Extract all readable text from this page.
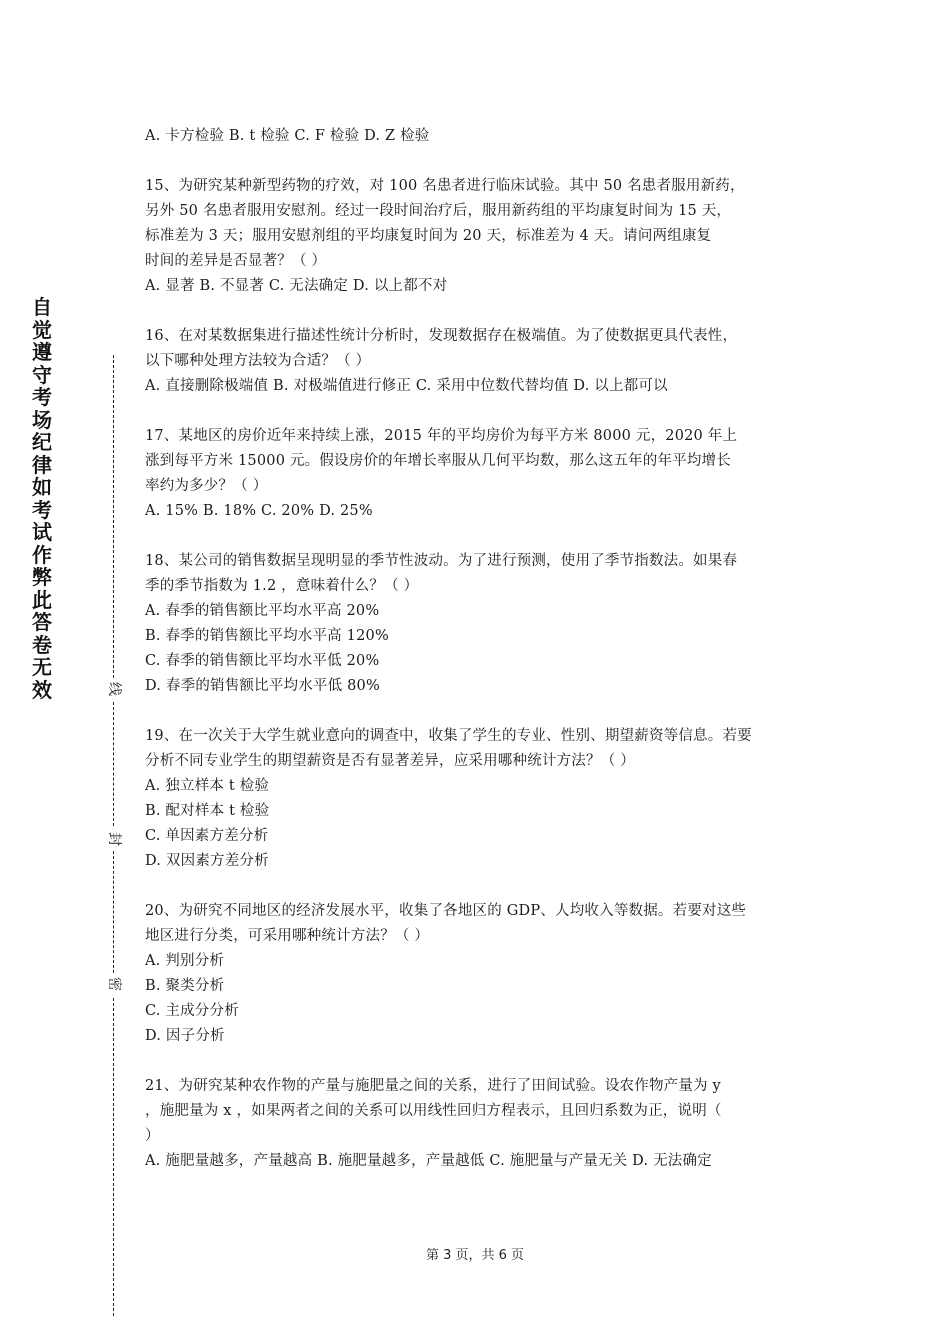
自觉遵守考场纪律如考试作弊此答卷无效	线
封
密
A. 卡方检验 B. t 检验 C. F 检验 D. Z 检验
15、为研究某种新型药物的疗效，对 100 名患者进行临床试验。其中 50 名患者服用新药，
另外 50 名患者服用安慰剂。经过一段时间治疗后，服用新药组的平均康复时间为 15 天，
标准差为 3 天；服用安慰剂组的平均康复时间为 20 天，标准差为 4 天。请问两组康复
时间的差异是否显著？（ ）
A. 显著 B. 不显著 C. 无法确定 D. 以上都不对
16、在对某数据集进行描述性统计分析时，发现数据存在极端值。为了使数据更具代表性，
以下哪种处理方法较为合适？（ ）
A. 直接删除极端值 B. 对极端值进行修正 C. 采用中位数代替均值 D. 以上都可以
17、某地区的房价近年来持续上涨，2015 年的平均房价为每平方米 8000 元，2020 年上
涨到每平方米 15000 元。假设房价的年增长率服从几何平均数，那么这五年的年平均增长
率约为多少？（ ）
A. 15% B. 18% C. 20% D. 25%
18、某公司的销售数据呈现明显的季节性波动。为了进行预测，使用了季节指数法。如果春
季的季节指数为 1.2 ，意味着什么？（ ）
A. 春季的销售额比平均水平高 20%
B. 春季的销售额比平均水平高 120%
C. 春季的销售额比平均水平低 20%
D. 春季的销售额比平均水平低 80%
19、在一次关于大学生就业意向的调查中，收集了学生的专业、性别、期望薪资等信息。若要
分析不同专业学生的期望薪资是否有显著差异，应采用哪种统计方法？（ ）
A. 独立样本 t 检验
B. 配对样本 t 检验
C. 单因素方差分析
D. 双因素方差分析
20、为研究不同地区的经济发展水平，收集了各地区的 GDP、人均收入等数据。若要对这些
地区进行分类，可采用哪种统计方法？（ ）
A. 判别分析
B. 聚类分析
C. 主成分分析
D. 因子分析
21、为研究某种农作物的产量与施肥量之间的关系，进行了田间试验。设农作物产量为 y
，施肥量为 x ，如果两者之间的关系可以用线性回归方程表示，且回归系数为正，说明（
）
A. 施肥量越多，产量越高 B. 施肥量越多，产量越低 C. 施肥量与产量无关 D. 无法确定
第 3 页，共 6 页
